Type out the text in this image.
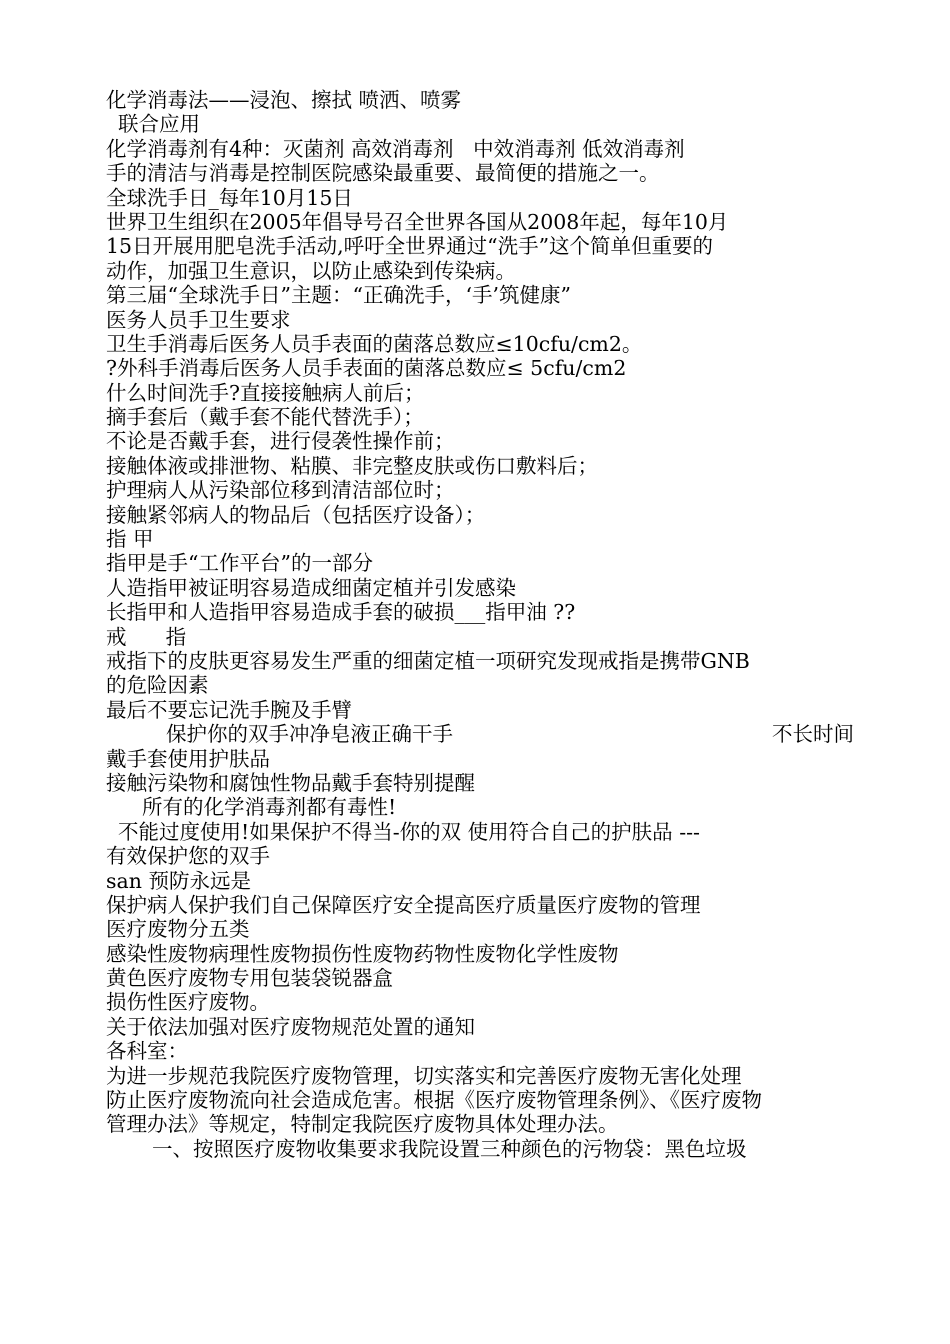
化学消毒法——浸泡、擦拭 喷洒、喷雾
联合应用
化学消毒剂有4种：灭菌剂 高效消毒剂   中效消毒剂 低效消毒剂
手的清洁与消毒是控制医院感染最重要、最简便的措施之一。
全球洗手日_每年10月15日
世界卫生组织在2005年倡导号召全世界各国从2008年起，每年10月
15日开展用肥皂洗手活动,呼吁全世界通过“洗手”这个简单但重要的
动作，加强卫生意识，以防止感染到传染病。
第三届“全球洗手日”主题：“正确洗手，‘手’筑健康”
医务人员手卫生要求
卫生手消毒后医务人员手表面的菌落总数应≤10cfu/cm2。
?外科手消毒后医务人员手表面的菌落总数应≤ 5cfu/cm2
什么时间洗手?直接接触病人前后；
摘手套后（戴手套不能代替洗手）；
不论是否戴手套，进行侵袭性操作前；
接触体液或排泄物、粘膜、非完整皮肤或伤口敷料后；
护理病人从污染部位移到清洁部位时；
接触紧邻病人的物品后（包括医疗设备）；
指 甲
指甲是手“工作平台”的一部分
人造指甲被证明容易造成细菌定植并引发感染
长指甲和人造指甲容易造成手套的破损___指甲油 ??
戒      指
戒指下的皮肤更容易发生严重的细菌定植一项研究发现戒指是携带GNB
的危险因素
最后不要忘记洗手腕及手臂
保护你的双手冲净皂液正确干手	不长时间
戴手套使用护肤品
接触污染物和腐蚀性物品戴手套特别提醒
所有的化学消毒剂都有毒性!
不能过度使用!如果保护不得当-你的双 使用符合自己的护肤品 ---
有效保护您的双手
san 预防永远是
保护病人保护我们自己保障医疗安全提高医疗质量医疗废物的管理
医疗废物分五类
感染性废物病理性废物损伤性废物药物性废物化学性废物
黄色医疗废物专用包装袋锐器盒
损伤性医疗废物。
关于依法加强对医疗废物规范处置的通知
各科室：
为进一步规范我院医疗废物管理，切实落实和完善医疗废物无害化处理
防止医疗废物流向社会造成危害。根据《医疗废物管理条例》、《医疗废物
管理办法》等规定，特制定我院医疗废物具体处理办法。
一、按照医疗废物收集要求我院设置三种颜色的污物袋：黑色垃圾
